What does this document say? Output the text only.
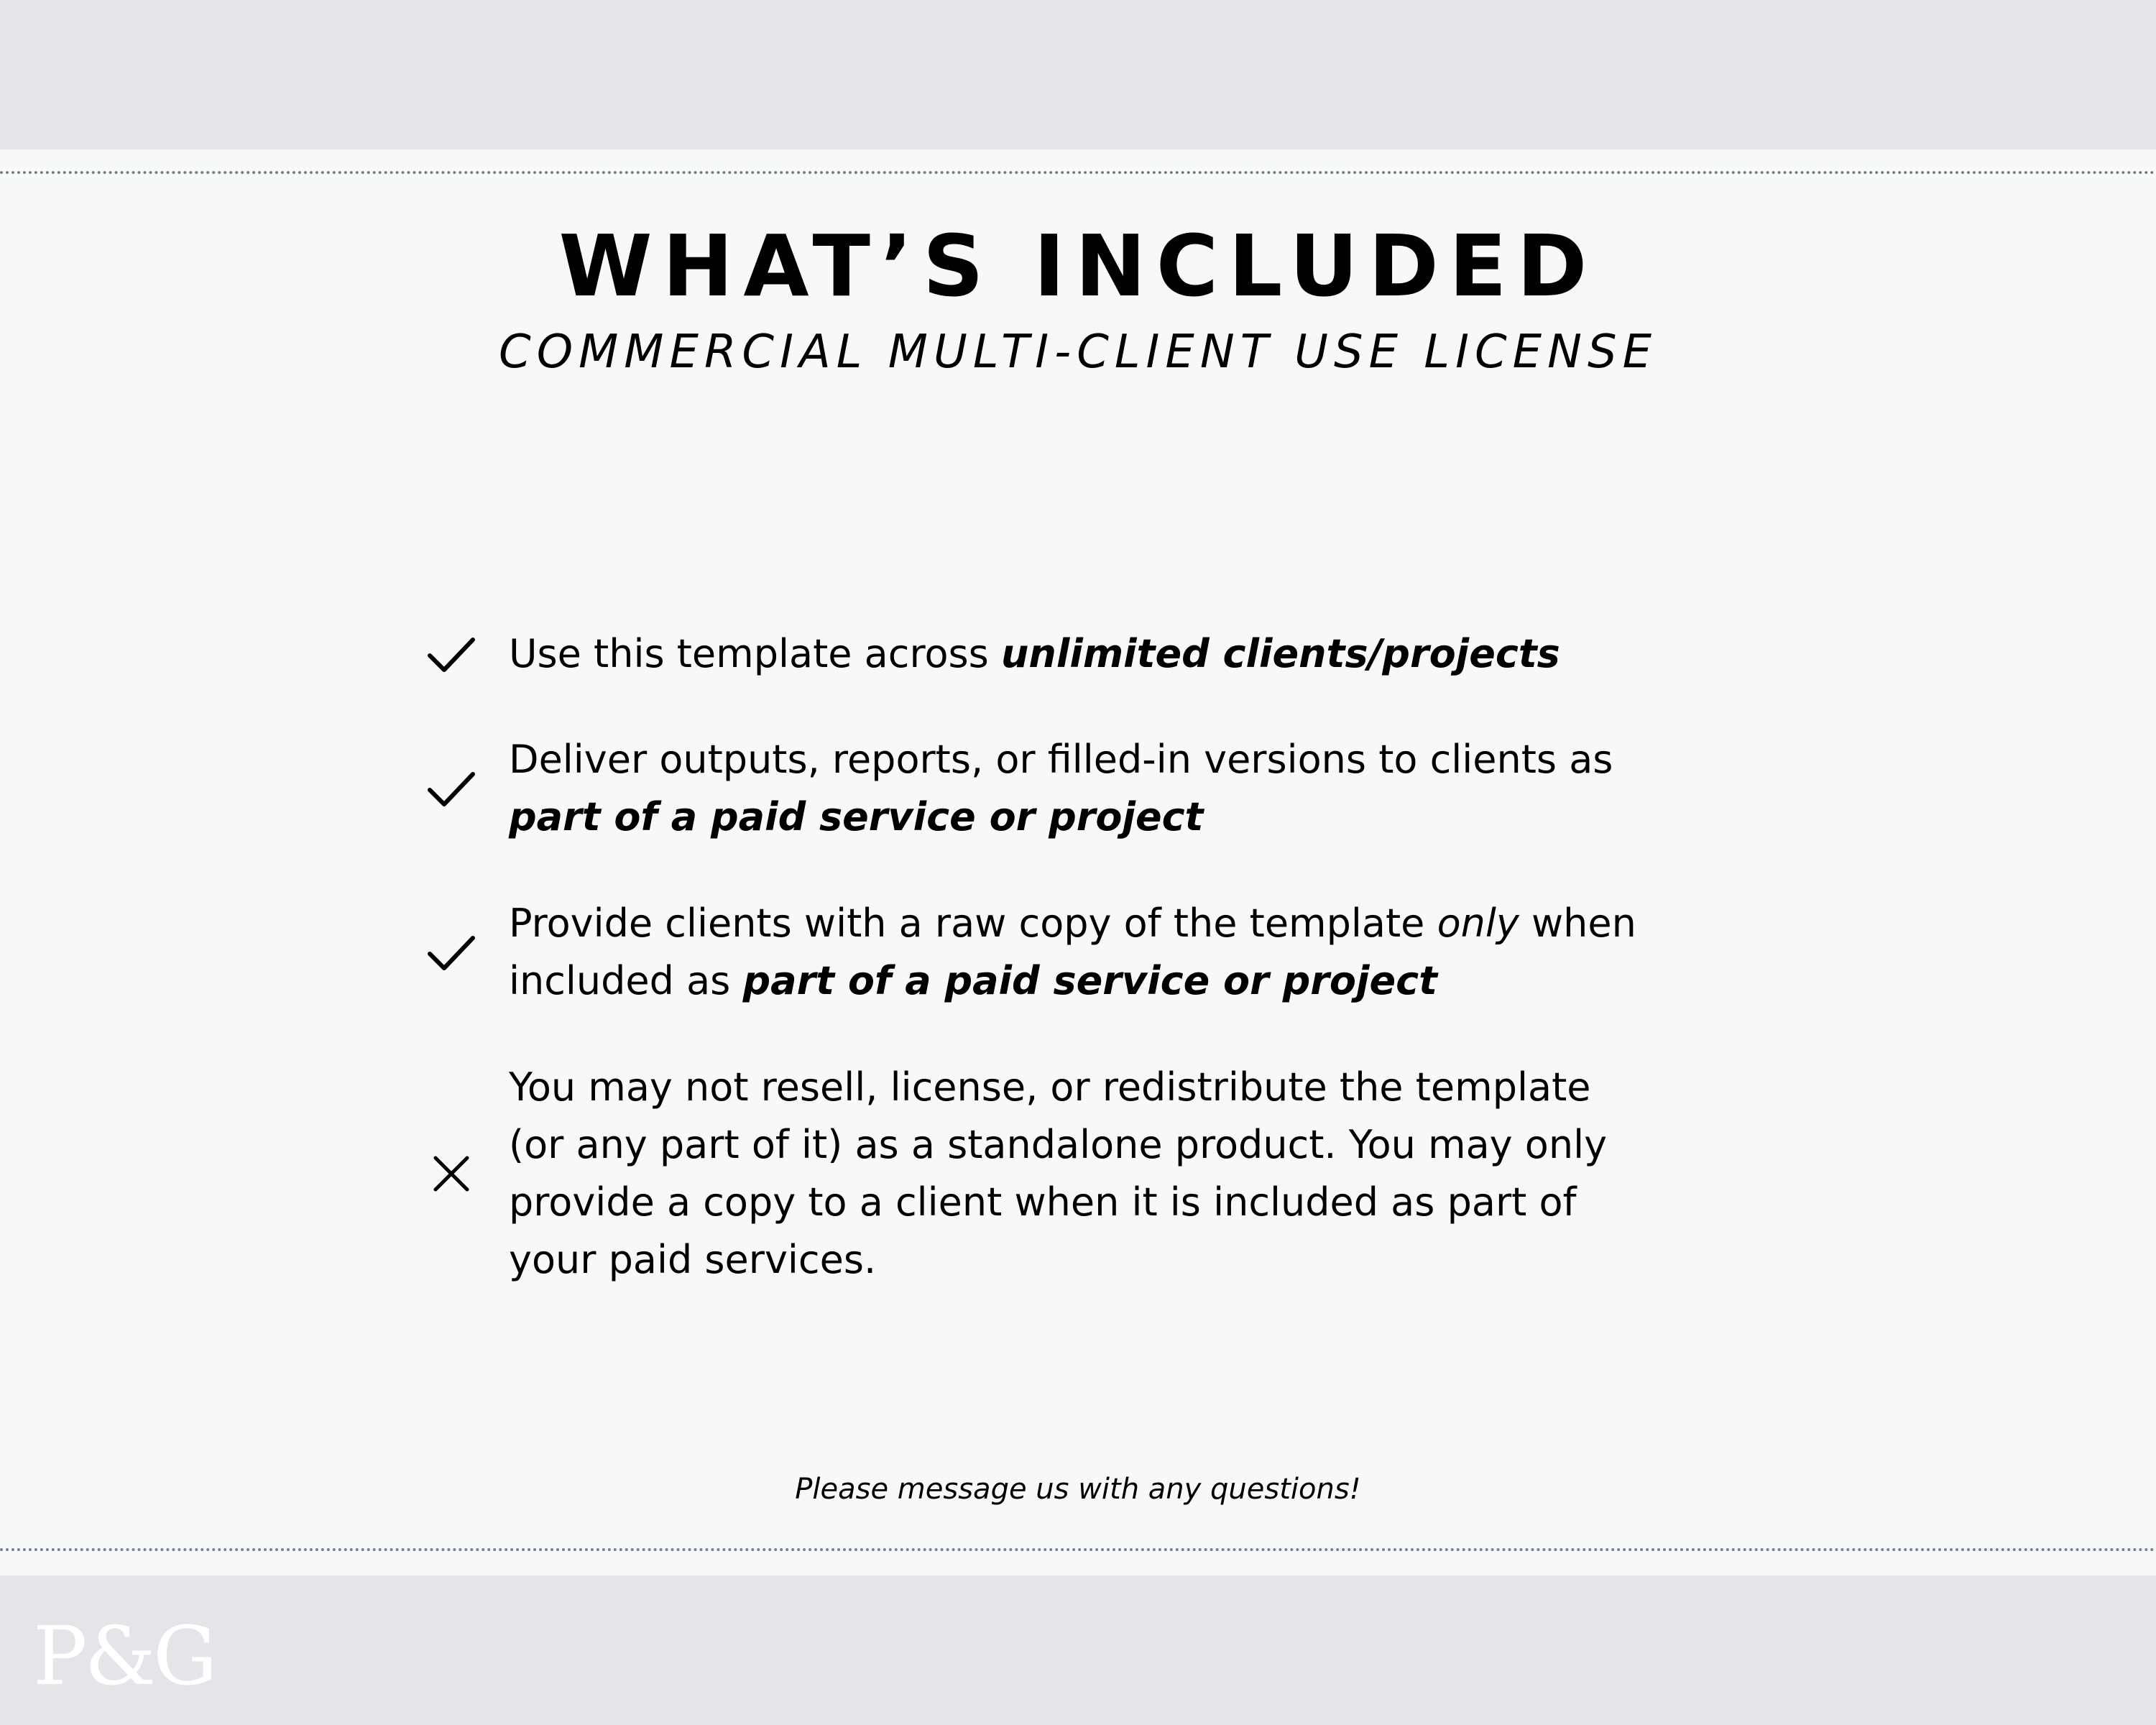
WHAT’S INCLUDED
COMMERCIAL MULTI-CLIENT USE LICENSE
Use this template across unlimited clients/projects
Deliver outputs, reports, or filled-in versions to clients as
part of a paid service or project
Provide clients with a raw copy of the template only when
included as part of a paid service or project
You may not resell, license, or redistribute the template
(or any part of it) as a standalone product. You may only
provide a copy to a client when it is included as part of
your paid services.
Please message us with any questions!
P&G
